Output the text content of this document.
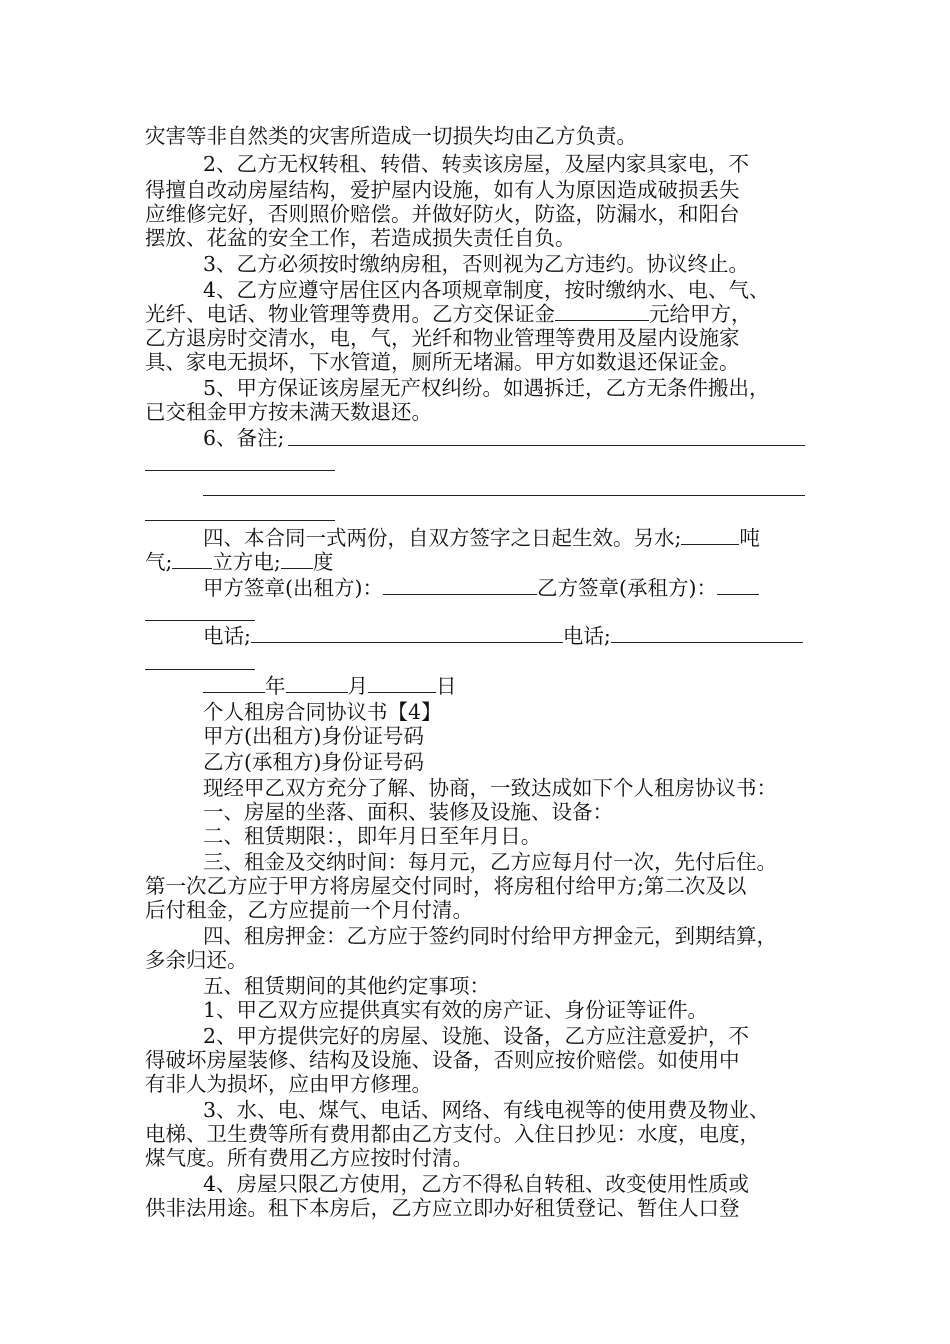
灾害等非自然类的灾害所造成一切损失均由乙方负责。
2、乙方无权转租、转借、转卖该房屋，及屋内家具家电，不
得擅自改动房屋结构，爱护屋内设施，如有人为原因造成破损丢失
应维修完好，否则照价赔偿。并做好防火，防盗，防漏水，和阳台
摆放、花盆的安全工作，若造成损失责任自负。
3、乙方必须按时缴纳房租，否则视为乙方违约。协议终止。
4、乙方应遵守居住区内各项规章制度，按时缴纳水、电、气、
光纤、电话、物业管理等费用。乙方交保证金	元给甲方，
乙方退房时交清水，电，气，光纤和物业管理等费用及屋内设施家
具、家电无损坏，下水管道，厕所无堵漏。甲方如数退还保证金。
5、甲方保证该房屋无产权纠纷。如遇拆迁，乙方无条件搬出，
已交租金甲方按未满天数退还。
6、备注;
四、本合同一式两份，自双方签字之日起生效。另水;	吨
气; 立方电; 度
甲方签章(出租方)：	乙方签章(承租方)：
电话;	电话;
年	月	日
个人租房合同协议书【4】
甲方(出租方)身份证号码
乙方(承租方)身份证号码
现经甲乙双方充分了解、协商，一致达成如下个人租房协议书：
一、房屋的坐落、面积、装修及设施、设备：
二、租赁期限：，即年月日至年月日。
三、租金及交纳时间：每月元，乙方应每月付一次，先付后住。
第一次乙方应于甲方将房屋交付同时，将房租付给甲方;第二次及以
后付租金，乙方应提前一个月付清。
四、租房押金：乙方应于签约同时付给甲方押金元，到期结算，
多余归还。
五、租赁期间的其他约定事项：
1、甲乙双方应提供真实有效的房产证、身份证等证件。
2、甲方提供完好的房屋、设施、设备，乙方应注意爱护，不
得破坏房屋装修、结构及设施、设备，否则应按价赔偿。如使用中
有非人为损坏，应由甲方修理。
3、水、电、煤气、电话、网络、有线电视等的使用费及物业、
电梯、卫生费等所有费用都由乙方支付。入住日抄见：水度，电度，
煤气度。所有费用乙方应按时付清。
4、房屋只限乙方使用，乙方不得私自转租、改变使用性质或
供非法用途。租下本房后，乙方应立即办好租赁登记、暂住人口登
